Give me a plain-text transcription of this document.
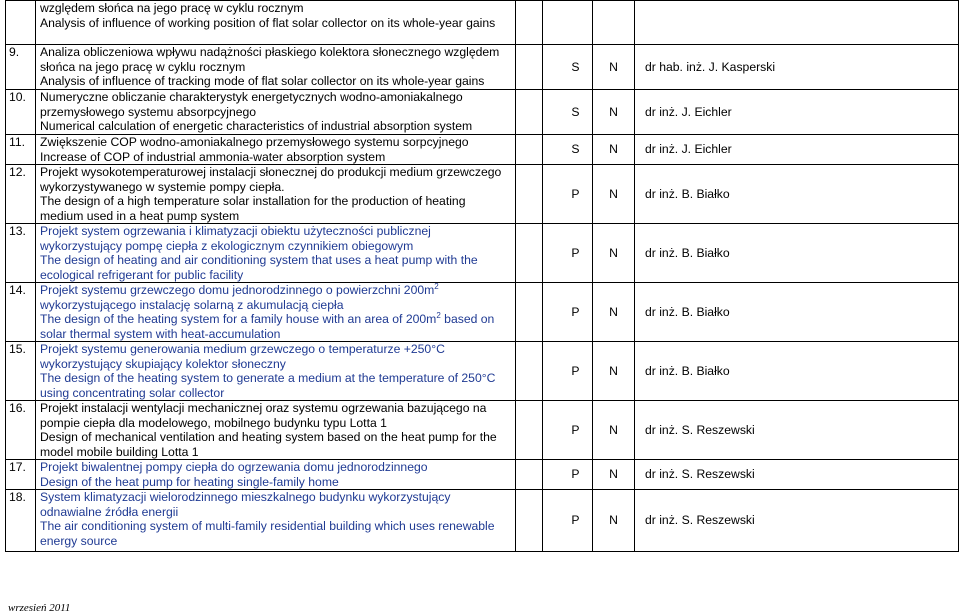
	względem słońca na jego pracę w cyklu rocznym
Analysis of influence of working position of flat solar collector on its whole-year gains				

9.	Analiza obliczeniowa wpływu nadążności płaskiego kolektora słonecznego względem słońca na jego pracę w cyklu rocznym
Analysis of influence of tracking mode of flat solar collector on its whole-year gains		S	N	dr hab. inż. J. Kasperski
10.	Numeryczne obliczanie charakterystyk energetycznych wodno-amoniakalnego przemysłowego systemu absorpcyjnego
Numerical calculation of energetic characteristics of industrial absorption system		S	N	dr inż. J. Eichler
11.	Zwiększenie COP wodno-amoniakalnego przemysłowego systemu sorpcyjnego
Increase of COP of industrial ammonia-water absorption system		S	N	dr inż. J. Eichler
12.	Projekt wysokotemperaturowej instalacji słonecznej do produkcji medium grzewczego wykorzystywanego w systemie pompy ciepła.
The design of a high temperature solar installation for the production of heating medium used in a heat pump system		P	N	dr inż. B. Białko
13.	Projekt system ogrzewania i klimatyzacji obiektu użyteczności publicznej wykorzystujący pompę ciepła z ekologicznym czynnikiem obiegowym
The design of heating and air conditioning system that uses a heat pump with the ecological refrigerant for public facility		P	N	dr inż. B. Białko
14.	Projekt systemu grzewczego domu jednorodzinnego o powierzchni $200m^2$
wykorzystującego instalację solarną z akumulacją ciepła
The design of the heating system for a family house with an area of $200m^2$ based on solar thermal system with heat-accumulation		P	N	dr inż. B. Białko
15.	Projekt systemu generowania medium grzewczego o temperaturze +250°C wykorzystujący skupiający kolektor słoneczny
The design of the heating system to generate a medium at the temperature of 250°C using concentrating solar collector		P	N	dr inż. B. Białko
16.	Projekt instalacji wentylacji mechanicznej oraz systemu ogrzewania bazującego na pompie ciepła dla modelowego, mobilnego budynku typu Lotta 1
Design of mechanical ventilation and heating system based on the heat pump for the model mobile building Lotta 1		P	N	dr inż. S. Reszewski
17.	Projekt biwalentnej pompy ciepła do ogrzewania domu jednorodzinnego
Design of the heat pump for heating single-family home		P	N	dr inż. S. Reszewski
18.	System klimatyzacji wielorodzinnego mieszkalnego budynku wykorzystujący odnawialne źródła energii
The air conditioning system of multi-family residential building which uses renewable energy source		P	N	dr inż. S. Reszewski
wrzesień 2011
